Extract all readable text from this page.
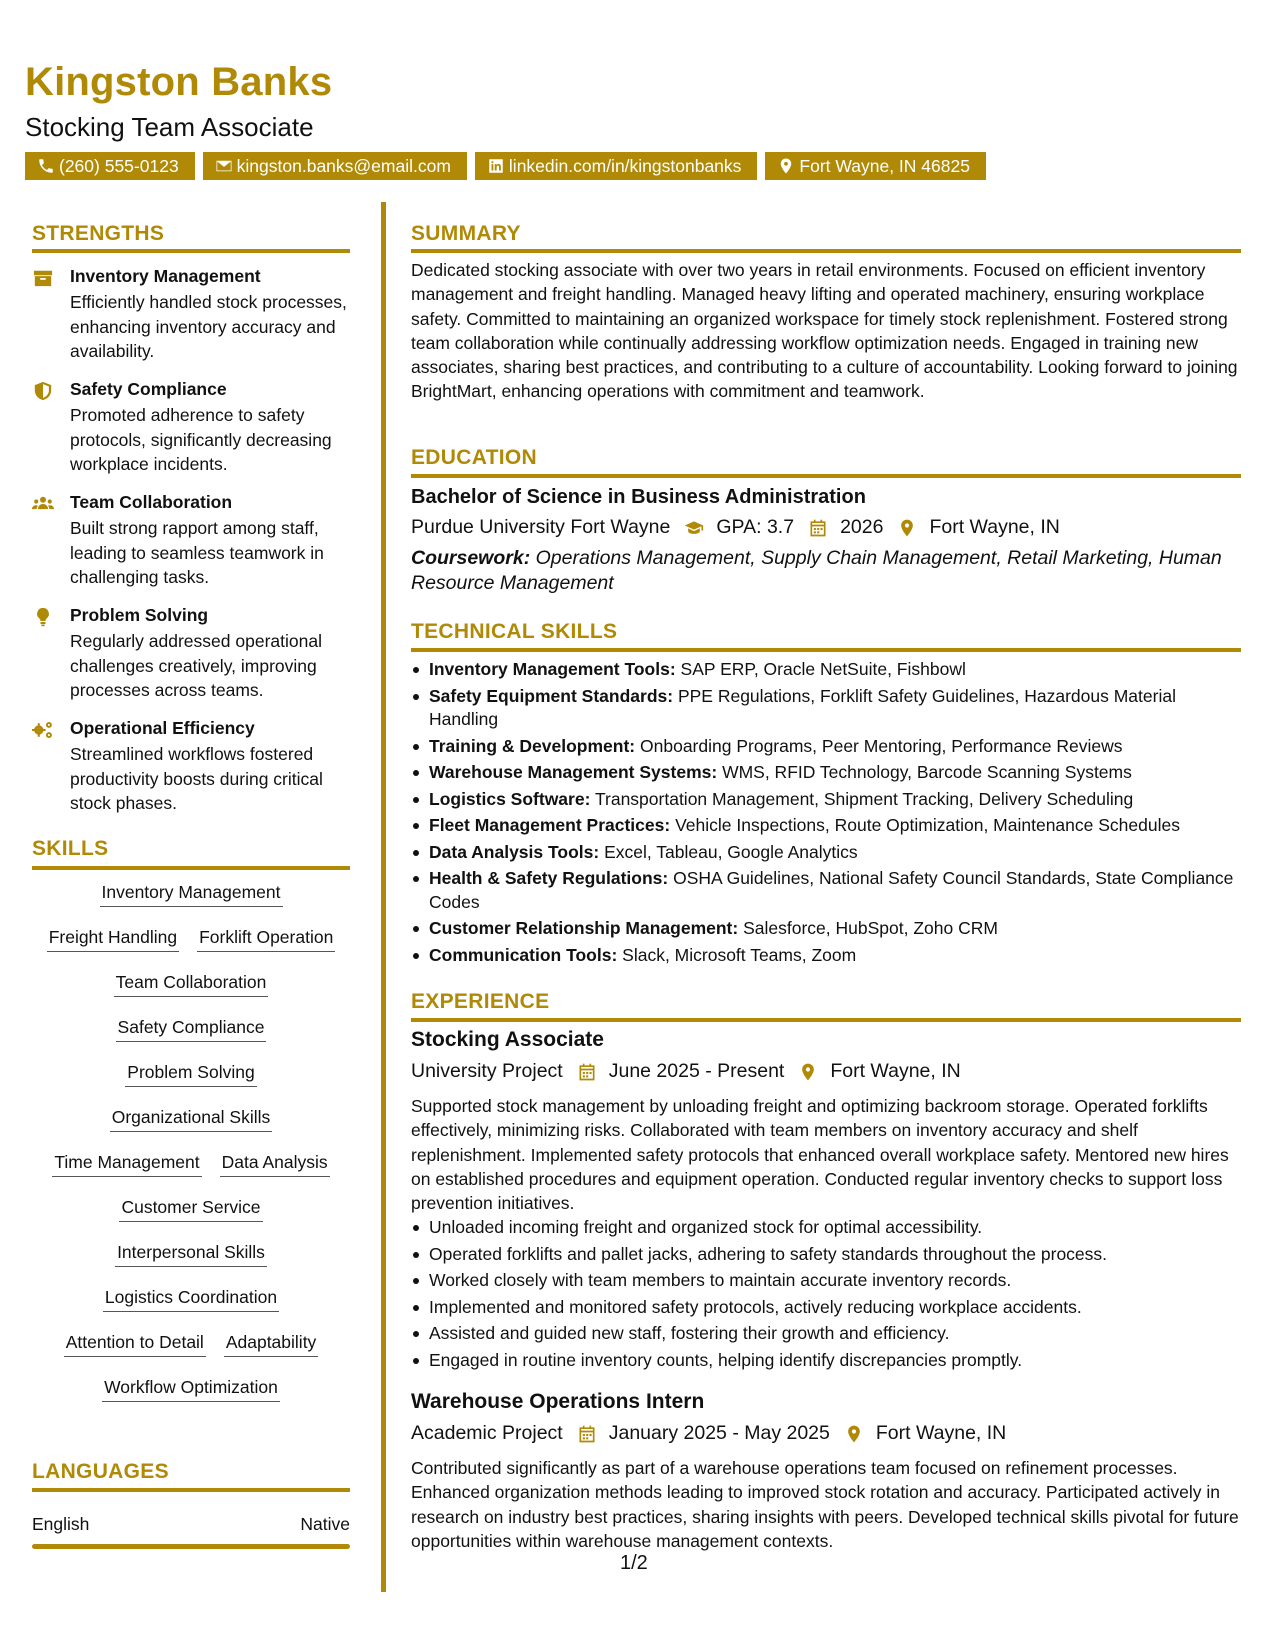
Kingston Banks
Stocking Team Associate
(260) 555-0123	kingston.banks@email.com	linkedin.com/in/kingstonbanks	Fort Wayne, IN 46825
STRENGTHS
Inventory Management
Efficiently handled stock processes, enhancing inventory accuracy and availability.
Safety Compliance
Promoted adherence to safety protocols, significantly decreasing workplace incidents.
Team Collaboration
Built strong rapport among staff, leading to seamless teamwork in challenging tasks.
Problem Solving
Regularly addressed operational challenges creatively, improving processes across teams.
Operational Efficiency
Streamlined workflows fostered productivity boosts during critical stock phases.
SKILLS
Inventory Management
Freight Handling Forklift Operation
Team Collaboration
Safety Compliance
Problem Solving
Organizational Skills
Time Management Data Analysis
Customer Service
Interpersonal Skills
Logistics Coordination
Attention to Detail Adaptability
Workflow Optimization
LANGUAGES
English	Native
SUMMARY
Dedicated stocking associate with over two years in retail environments. Focused on efficient inventory management and freight handling. Managed heavy lifting and operated machinery, ensuring workplace safety. Committed to maintaining an organized workspace for timely stock replenishment. Fostered strong team collaboration while continually addressing workflow optimization needs. Engaged in training new associates, sharing best practices, and contributing to a culture of accountability. Looking forward to joining BrightMart, enhancing operations with commitment and teamwork.
EDUCATION
Bachelor of Science in Business Administration
Purdue University Fort Wayne GPA: 3.7 2026 Fort Wayne, IN
Coursework: Operations Management, Supply Chain Management, Retail Marketing, Human Resource Management
TECHNICAL SKILLS
Inventory Management Tools: SAP ERP, Oracle NetSuite, Fishbowl
Safety Equipment Standards: PPE Regulations, Forklift Safety Guidelines, Hazardous Material Handling
Training & Development: Onboarding Programs, Peer Mentoring, Performance Reviews
Warehouse Management Systems: WMS, RFID Technology, Barcode Scanning Systems
Logistics Software: Transportation Management, Shipment Tracking, Delivery Scheduling
Fleet Management Practices: Vehicle Inspections, Route Optimization, Maintenance Schedules
Data Analysis Tools: Excel, Tableau, Google Analytics
Health & Safety Regulations: OSHA Guidelines, National Safety Council Standards, State Compliance Codes
Customer Relationship Management: Salesforce, HubSpot, Zoho CRM
Communication Tools: Slack, Microsoft Teams, Zoom
EXPERIENCE
Stocking Associate
University Project June 2025 - Present Fort Wayne, IN
Supported stock management by unloading freight and optimizing backroom storage. Operated forklifts effectively, minimizing risks. Collaborated with team members on inventory accuracy and shelf replenishment. Implemented safety protocols that enhanced overall workplace safety. Mentored new hires on established procedures and equipment operation. Conducted regular inventory checks to support loss prevention initiatives.
Unloaded incoming freight and organized stock for optimal accessibility.
Operated forklifts and pallet jacks, adhering to safety standards throughout the process.
Worked closely with team members to maintain accurate inventory records.
Implemented and monitored safety protocols, actively reducing workplace accidents.
Assisted and guided new staff, fostering their growth and efficiency.
Engaged in routine inventory counts, helping identify discrepancies promptly.
Warehouse Operations Intern
Academic Project January 2025 - May 2025 Fort Wayne, IN
Contributed significantly as part of a warehouse operations team focused on refinement processes. Enhanced organization methods leading to improved stock rotation and accuracy. Participated actively in research on industry best practices, sharing insights with peers. Developed technical skills pivotal for future opportunities within warehouse management contexts.
1/2
